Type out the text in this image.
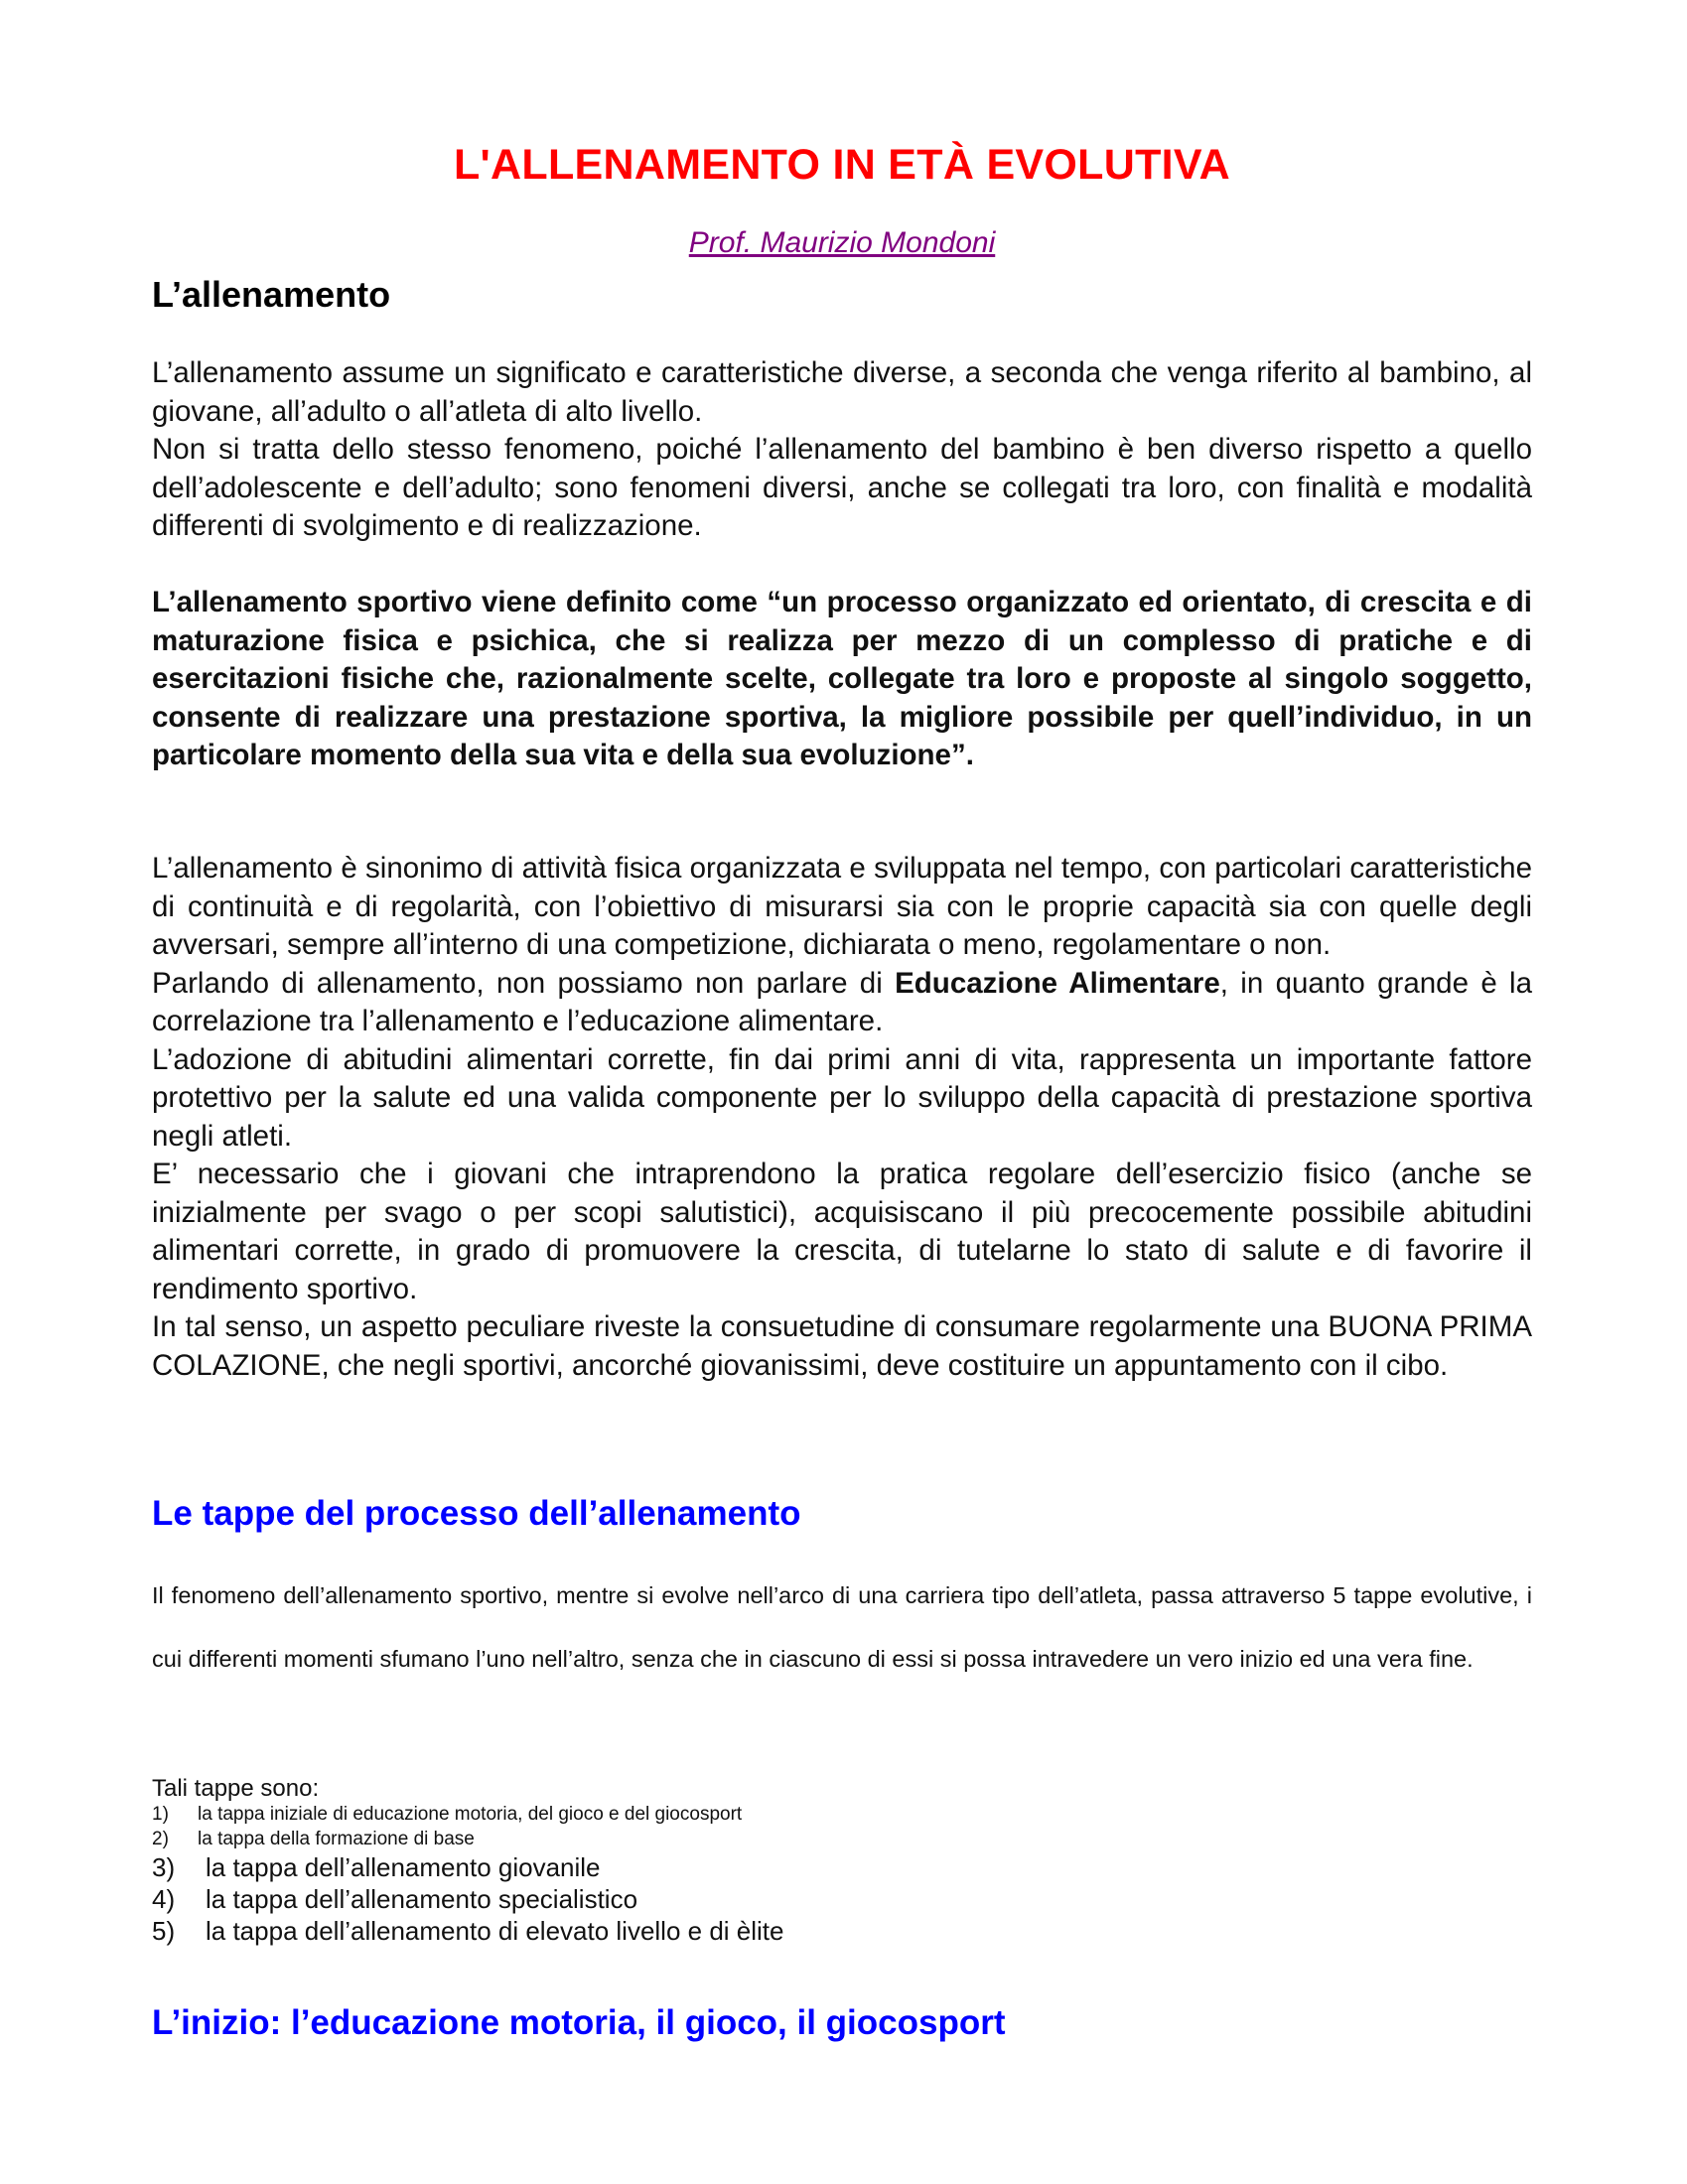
L'ALLENAMENTO IN ETÀ EVOLUTIVA
Prof. Maurizio Mondoni
L’allenamento

L’allenamento assume un significato e caratteristiche diverse, a seconda che venga riferito al bambino, al giovane, all’adulto o all’atleta di alto livello.

Non si tratta dello stesso fenomeno, poiché l’allenamento del bambino è ben diverso rispetto a quello dell’adolescente e dell’adulto; sono fenomeni diversi, anche se collegati tra loro, con finalità e modalità differenti di svolgimento e di realizzazione.

L’allenamento sportivo viene definito come “un processo organizzato ed orientato, di crescita e di maturazione fisica e psichica, che si realizza per mezzo di un complesso di pratiche e di esercitazioni fisiche che, razionalmente scelte, collegate tra loro e proposte al singolo soggetto, consente di realizzare una prestazione sportiva, la migliore possibile per quell’individuo, in un particolare momento della sua vita e della sua evoluzione”.

L’allenamento è sinonimo di attività fisica organizzata e sviluppata nel tempo, con particolari caratteristiche di continuità e di regolarità, con l’obiettivo di misurarsi sia con le proprie capacità sia con quelle degli avversari, sempre all’interno di una competizione, dichiarata o meno, regolamentare o non.

Parlando di allenamento, non possiamo non parlare di Educazione Alimentare, in quanto grande è la correlazione tra l’allenamento e l’educazione alimentare.

L’adozione di abitudini alimentari corrette, fin dai primi anni di vita, rappresenta un importante fattore protettivo per la salute ed una valida componente per lo sviluppo della capacità di prestazione sportiva negli atleti.

E’ necessario che i giovani che intraprendono la pratica regolare dell’esercizio fisico (anche se inizialmente per svago o per scopi salutistici), acquisiscano il più precocemente possibile abitudini alimentari corrette, in grado di promuovere la crescita, di tutelarne lo stato di salute e di favorire il rendimento sportivo.

In tal senso, un aspetto peculiare riveste la consuetudine di consumare regolarmente una BUONA PRIMA COLAZIONE, che negli sportivi, ancorché giovanissimi, deve costituire un appuntamento con il cibo.

Le tappe del processo dell’allenamento

Il fenomeno dell’allenamento sportivo, mentre si evolve nell’arco di una carriera tipo dell’atleta, passa attraverso 5 tappe evolutive, i cui differenti momenti sfumano l’uno nell’altro, senza che in ciascuno di essi si possa intravedere un vero inizio ed una vera fine.

Tali tappe sono:

1) la tappa iniziale di educazione motoria, del gioco e del giocosport
2) la tappa della formazione di base
3) la tappa dell’allenamento giovanile
4) la tappa dell’allenamento specialistico
5) la tappa dell’allenamento di elevato livello e di èlite
L’inizio: l’educazione motoria, il gioco, il giocosport
